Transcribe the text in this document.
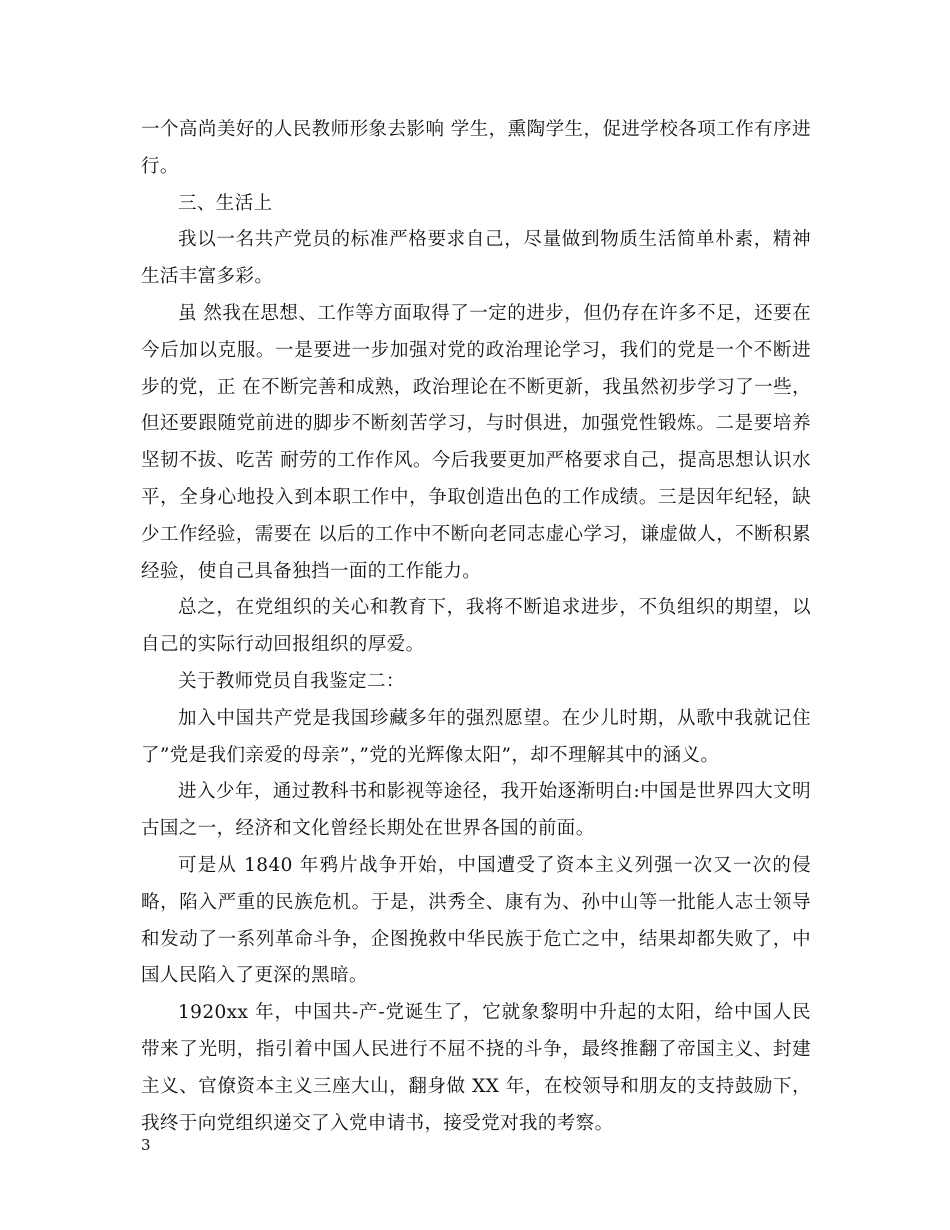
一个高尚美好的人民教师形象去影响 学生，熏陶学生，促进学校各项工作有序进行。

三、生活上

我以一名共产党员的标准严格要求自己，尽量做到物质生活简单朴素，精神生活丰富多彩。

虽 然我在思想、工作等方面取得了一定的进步，但仍存在许多不足，还要在今后加以克服。一是要进一步加强对党的政治理论学习，我们的党是一个不断进步的党，正 在不断完善和成熟，政治理论在不断更新，我虽然初步学习了一些，但还要跟随党前进的脚步不断刻苦学习，与时俱进，加强党性锻炼。二是要培养坚韧不拔、吃苦 耐劳的工作作风。今后我要更加严格要求自己，提高思想认识水平，全身心地投入到本职工作中，争取创造出色的工作成绩。三是因年纪轻，缺少工作经验，需要在 以后的工作中不断向老同志虚心学习，谦虚做人，不断积累经验，使自己具备独挡一面的工作能力。

总之，在党组织的关心和教育下，我将不断追求进步，不负组织的期望，以自己的实际行动回报组织的厚爱。

关于教师党员自我鉴定二：

加入中国共产党是我国珍藏多年的强烈愿望。在少儿时期，从歌中我就记住了”党是我们亲爱的母亲”，”党的光辉像太阳”，却不理解其中的涵义。

进入少年，通过教科书和影视等途径，我开始逐渐明白:中国是世界四大文明古国之一，经济和文化曾经长期处在世界各国的前面。

可是从 1840 年鸦片战争开始，中国遭受了资本主义列强一次又一次的侵略，陷入严重的民族危机。于是，洪秀全、康有为、孙中山等一批能人志士领导和发动了一系列革命斗争，企图挽救中华民族于危亡之中，结果却都失败了，中国人民陷入了更深的黑暗。

1920xx 年，中国共-产-党诞生了，它就象黎明中升起的太阳，给中国人民带来了光明，指引着中国人民进行不屈不挠的斗争，最终推翻了帝国主义、封建主义、官僚资本主义三座大山，翻身做 XX 年，在校领导和朋友的支持鼓励下，我终于向党组织递交了入党申请书，接受党对我的考察。

3
